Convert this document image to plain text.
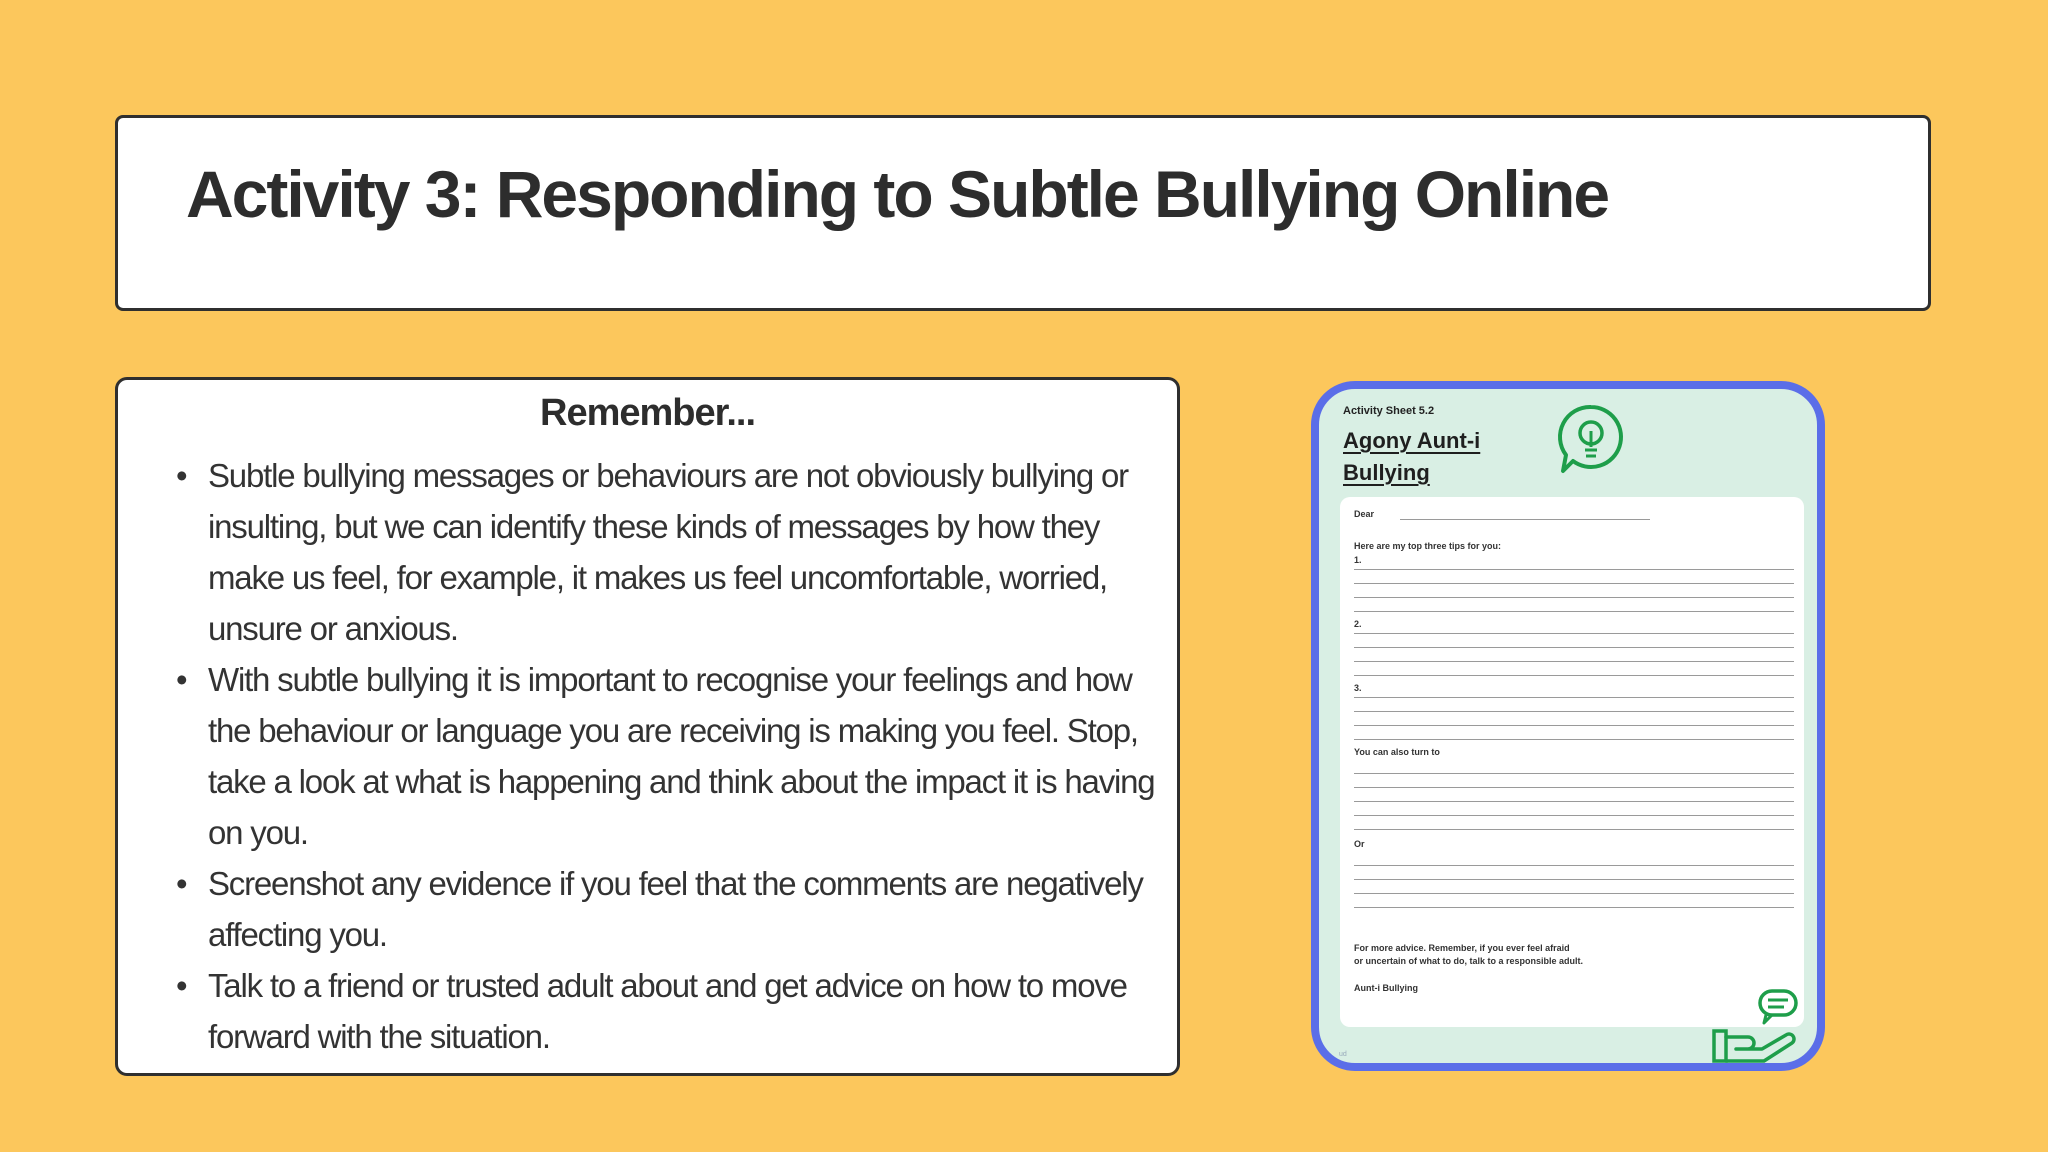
Activity 3: Responding to Subtle Bullying Online
Remember...
• Subtle bullying messages or behaviours are not obviously bullying or insulting, but we can identify these kinds of messages by how they make us feel, for example, it makes us feel uncomfortable, worried, unsure or anxious.
• With subtle bullying it is important to recognise your feelings and how the behaviour or language you are receiving is making you feel. Stop, take a look at what is happening and think about the impact it is having on you.
• Screenshot any evidence if you feel that the comments are negatively affecting you.
• Talk to a friend or trusted adult about and get advice on how to move forward with the situation.
Activity Sheet 5.2
Agony Aunt-i
Bullying
Dear
Here are my top three tips for you:
1.
2.
3.
You can also turn to
Or
For more advice. Remember, if you ever feel afraid
or uncertain of what to do, talk to a responsible adult.
Aunt-i Bullying
ud
